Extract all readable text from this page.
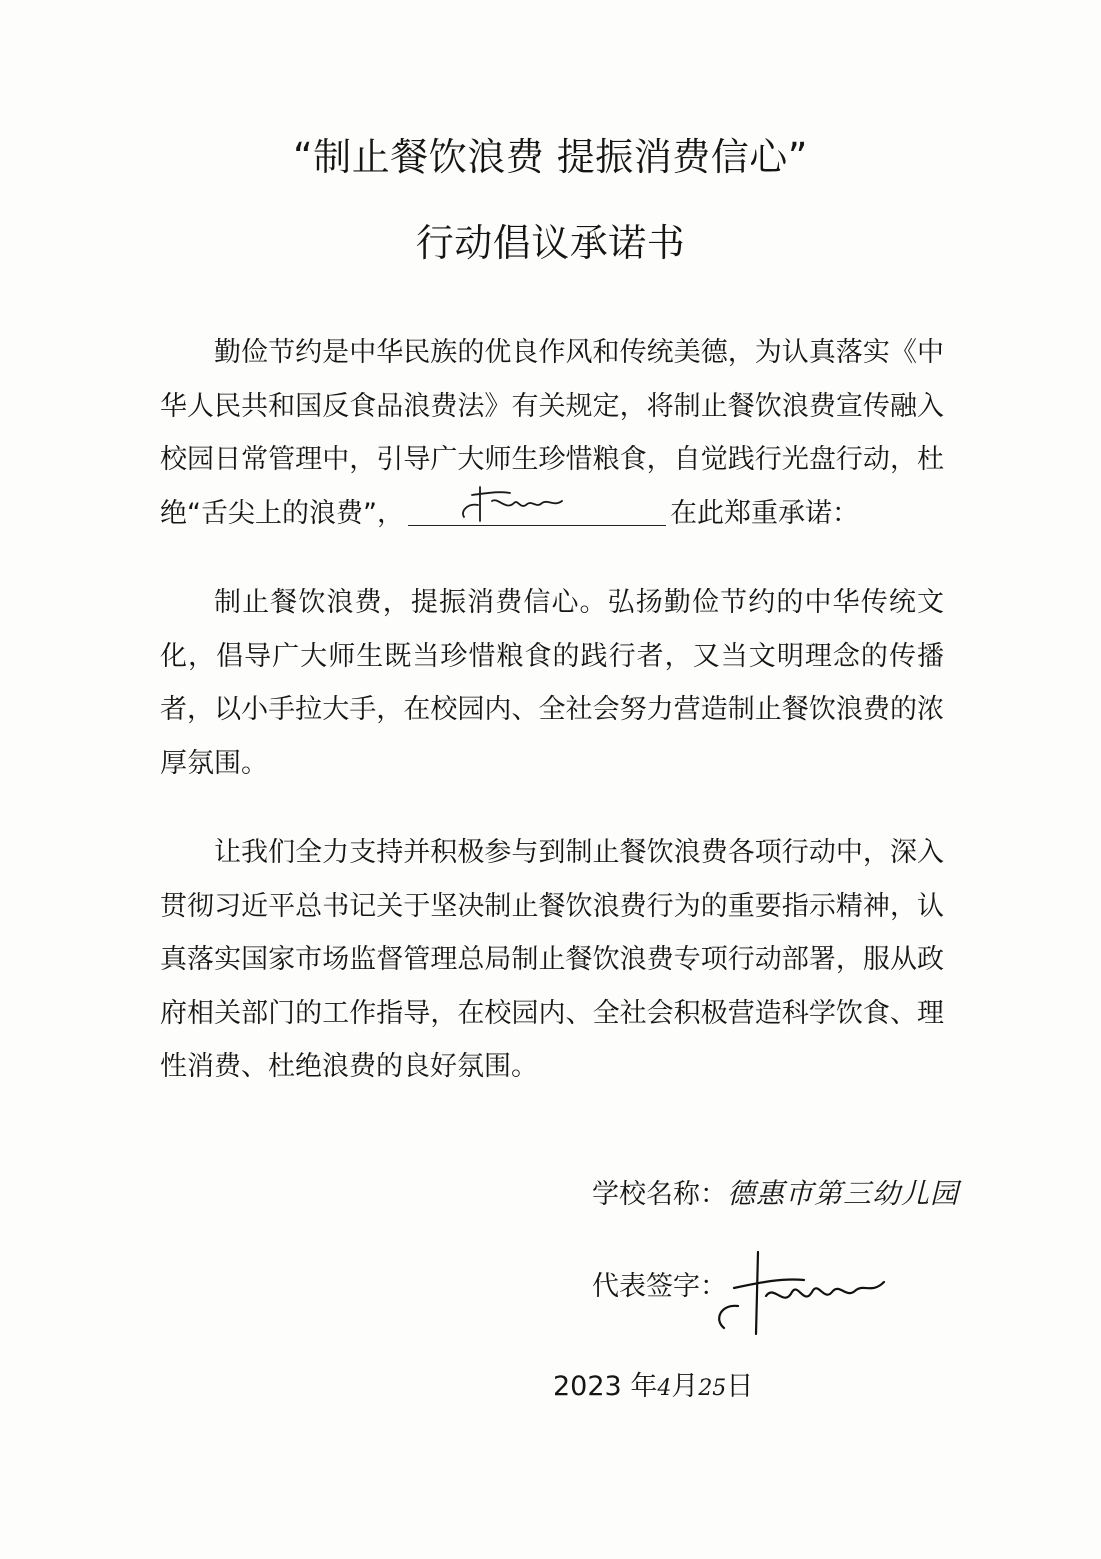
“制止餐饮浪费 提振消费信心”
行动倡议承诺书

勤俭节约是中华民族的优良作风和传统美德，为认真落实《中华人民共和国反食品浪费法》有关规定，将制止餐饮浪费宣传融入校园日常管理中，引导广大师生珍惜粮食，自觉践行光盘行动，杜绝“舌尖上的浪费”，	在此郑重承诺：

制止餐饮浪费，提振消费信心。弘扬勤俭节约的中华传统文化，倡导广大师生既当珍惜粮食的践行者，又当文明理念的传播者，以小手拉大手，在校园内、全社会努力营造制止餐饮浪费的浓厚氛围。

让我们全力支持并积极参与到制止餐饮浪费各项行动中，深入贯彻习近平总书记关于坚决制止餐饮浪费行为的重要指示精神，认真落实国家市场监督管理总局制止餐饮浪费专项行动部署，服从政府相关部门的工作指导，在校园内、全社会积极营造科学饮食、理性消费、杜绝浪费的良好氛围。

学校名称：德惠市第三幼儿园

代表签字：

2023 年4月25日
